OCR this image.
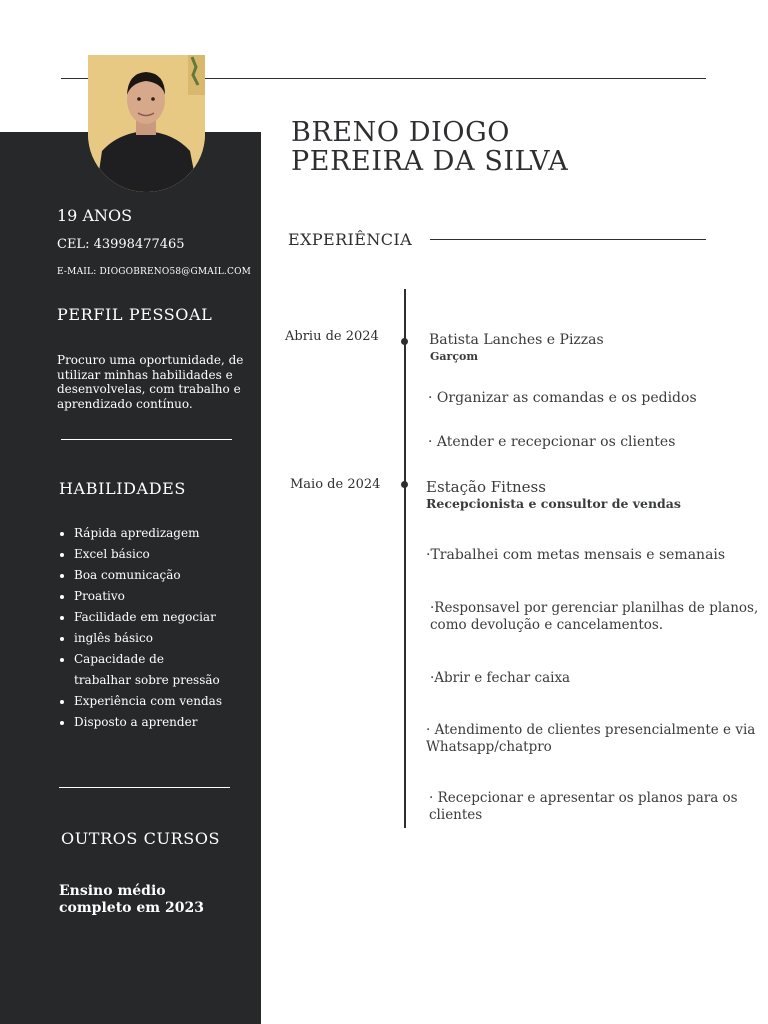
19 ANOS
CEL: 43998477465
E-MAIL: DIOGOBRENO58@GMAIL.COM
PERFIL PESSOAL
Procuro uma oportunidade, de utilizar minhas habilidades e desenvolvelas, com trabalho e aprendizado contínuo.
HABILIDADES
• Rápida apredizagem
• Excel básico
• Boa comunicação
• Proativo
• Facilidade em negociar
• inglês básico
• Capacidade de trabalhar sobre pressão
• Experiência com vendas
• Disposto a aprender
OUTROS CURSOS
Ensino médio completo em 2023
BRENO DIOGO
PEREIRA DA SILVA
EXPERIÊNCIA
Abriu de 2024	Batista Lanches e Pizzas
Garçom
· Organizar as comandas e os pedidos
· Atender e recepcionar os clientes
Maio de 2024	Estação Fitness
Recepcionista e consultor de vendas
·Trabalhei com metas mensais e semanais
·Responsavel por gerenciar planilhas de planos, como devolução e cancelamentos.
·Abrir e fechar caixa
· Atendimento de clientes presencialmente e via Whatsapp/chatpro
· Recepcionar e apresentar os planos para os clientes
